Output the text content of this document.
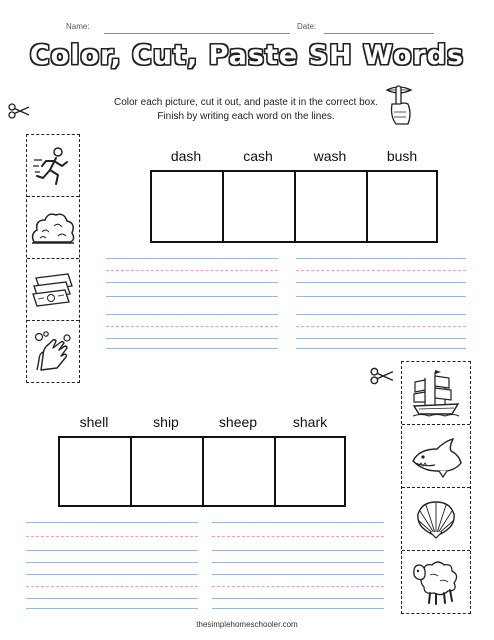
Name:	Date:
Color, Cut, Paste SH Words
Color each picture, cut it out, and paste it in the correct box. Finish by writing each word on the lines.
dash	cash	wash	bush
shell	ship	sheep	shark
thesimplehomeschooler.com
